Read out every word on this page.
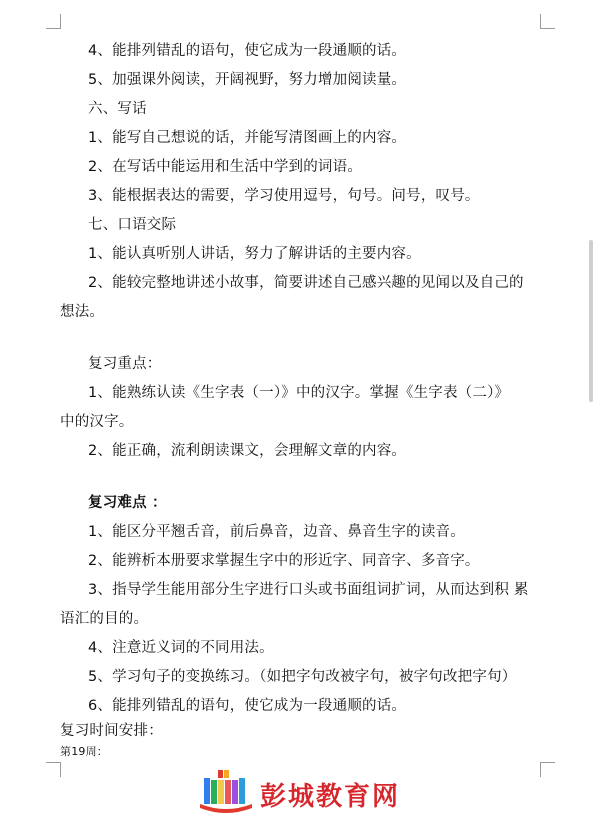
4、能排列错乱的语句，使它成为一段通顺的话。
5、加强课外阅读，开阔视野，努力增加阅读量。
六、写话
1、能写自己想说的话，并能写清图画上的内容。
2、在写话中能运用和生活中学到的词语。
3、能根据表达的需要，学习使用逗号，句号。问号，叹号。
七、口语交际
1、能认真听别人讲话，努力了解讲话的主要内容。
2、能较完整地讲述小故事，简要讲述自己感兴趣的见闻以及自己的
想法。
复习重点：
1、能熟练认读《生字表（一）》中的汉字。掌握《生字表（二）》
中的汉字。
2、能正确，流利朗读课文，会理解文章的内容。
复习难点 ：
1、能区分平翘舌音，前后鼻音，边音、鼻音生字的读音。
2、能辨析本册要求掌握生字中的形近字、同音字、多音字。
3、指导学生能用部分生字进行口头或书面组词扩词，从而达到积 累
语汇的目的。
4、注意近义词的不同用法。
5、学习句子的变换练习。（如把字句改被字句，被字句改把字句）
6、能排列错乱的语句，使它成为一段通顺的话。
复习时间安排：
第19周：
彭城教育网
